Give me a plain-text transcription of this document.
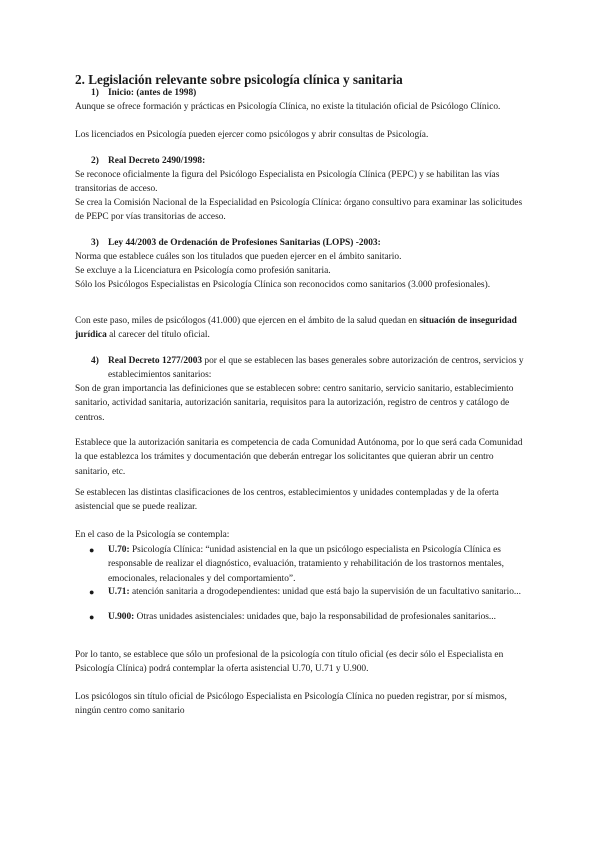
2. Legislación relevante sobre psicología clínica y sanitaria
1) Inicio: (antes de 1998)
Aunque se ofrece formación y prácticas en Psicología Clínica, no existe la titulación oficial de Psicólogo Clínico.
Los licenciados en Psicología pueden ejercer como psicólogos y abrir consultas de Psicología.
2) Real Decreto 2490/1998:
Se reconoce oficialmente la figura del Psicólogo Especialista en Psicología Clínica (PEPC) y se habilitan las vías transitorias de acceso.
Se crea la Comisión Nacional de la Especialidad en Psicología Clínica: órgano consultivo para examinar las solicitudes de PEPC por vías transitorias de acceso.
3) Ley 44/2003 de Ordenación de Profesiones Sanitarias (LOPS) -2003:
Norma que establece cuáles son los titulados que pueden ejercer en el ámbito sanitario.
Se excluye a la Licenciatura en Psicología como profesión sanitaria.
Sólo los Psicólogos Especialistas en Psicología Clínica son reconocidos como sanitarios (3.000 profesionales).
Con este paso, miles de psicólogos (41.000) que ejercen en el ámbito de la salud quedan en situación de inseguridad jurídica al carecer del título oficial.
4) Real Decreto 1277/2003 por el que se establecen las bases generales sobre autorización de centros, servicios y establecimientos sanitarios:
Son de gran importancia las definiciones que se establecen sobre: centro sanitario, servicio sanitario, establecimiento sanitario, actividad sanitaria, autorización sanitaria, requisitos para la autorización, registro de centros y catálogo de centros.
Establece que la autorización sanitaria es competencia de cada Comunidad Autónoma, por lo que será cada Comunidad la que establezca los trámites y documentación que deberán entregar los solicitantes que quieran abrir un centro sanitario, etc.
Se establecen las distintas clasificaciones de los centros, establecimientos y unidades contempladas y de la oferta asistencial que se puede realizar.
En el caso de la Psicología se contempla:
● U.70: Psicología Clínica: “unidad asistencial en la que un psicólogo especialista en Psicología Clínica es responsable de realizar el diagnóstico, evaluación, tratamiento y rehabilitación de los trastornos mentales, emocionales, relacionales y del comportamiento”.
● U.71: atención sanitaria a drogodependientes: unidad que está bajo la supervisión de un facultativo sanitario...
● U.900: Otras unidades asistenciales: unidades que, bajo la responsabilidad de profesionales sanitarios...
Por lo tanto, se establece que sólo un profesional de la psicología con título oficial (es decir sólo el Especialista en Psicología Clínica) podrá contemplar la oferta asistencial U.70, U.71 y U.900.
Los psicólogos sin título oficial de Psicólogo Especialista en Psicología Clínica no pueden registrar, por sí mismos, ningún centro como sanitario
